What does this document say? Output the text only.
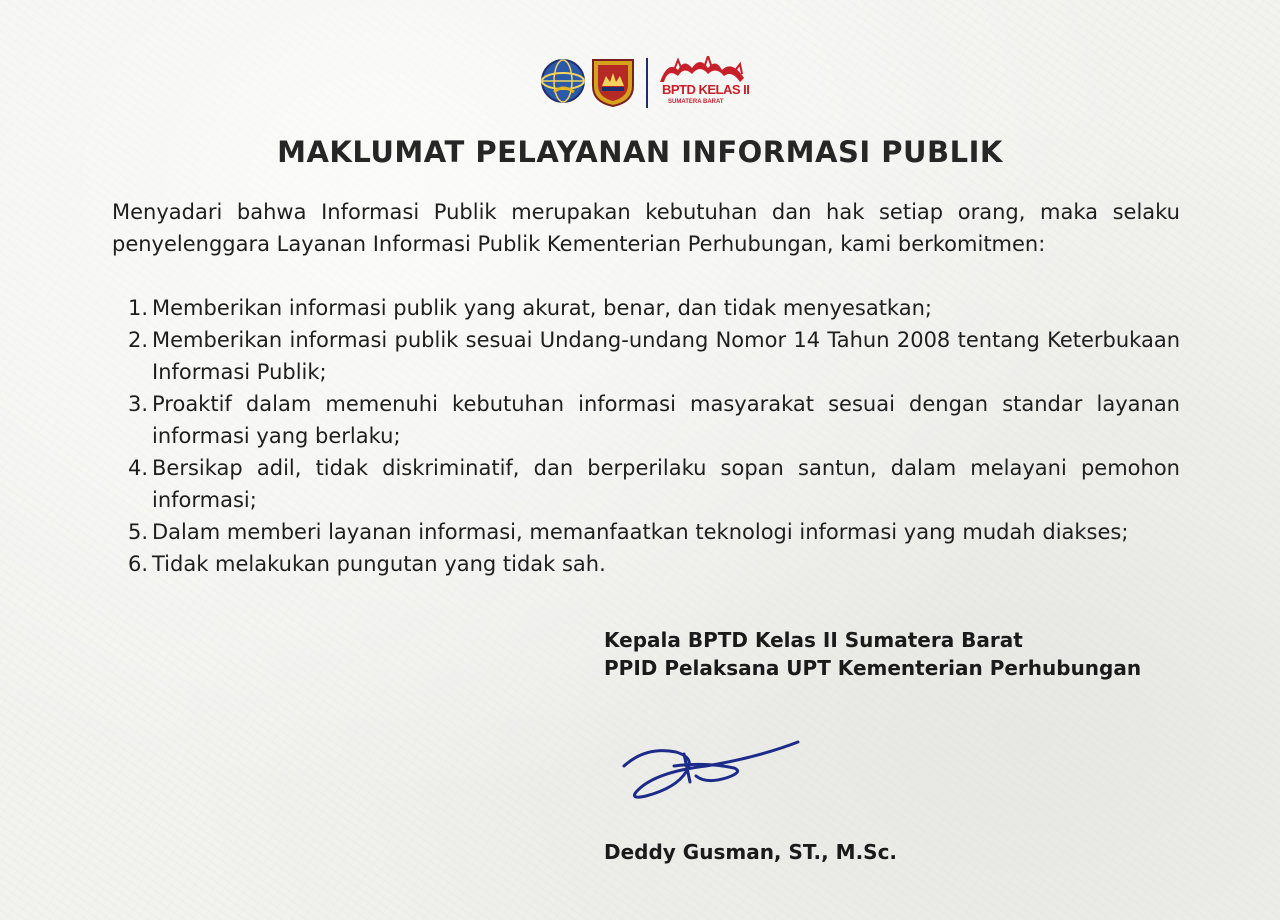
BPTD KELAS II
SUMATERA BARAT
MAKLUMAT PELAYANAN INFORMASI PUBLIK

Menyadari bahwa Informasi Publik merupakan kebutuhan dan hak setiap orang, maka selaku penyelenggara Layanan Informasi Publik Kementerian Perhubungan, kami berkomitmen:

1. Memberikan informasi publik yang akurat, benar, dan tidak menyesatkan;
2. Memberikan informasi publik sesuai Undang-undang Nomor 14 Tahun 2008 tentang Keterbukaan Informasi Publik;
3. Proaktif dalam memenuhi kebutuhan informasi masyarakat sesuai dengan standar layanan informasi yang berlaku;
4. Bersikap adil, tidak diskriminatif, dan berperilaku sopan santun, dalam melayani pemohon informasi;
5. Dalam memberi layanan informasi, memanfaatkan teknologi informasi yang mudah diakses;
6. Tidak melakukan pungutan yang tidak sah.
Kepala BPTD Kelas II Sumatera Barat
PPID Pelaksana UPT Kementerian Perhubungan
Deddy Gusman, ST., M.Sc.
